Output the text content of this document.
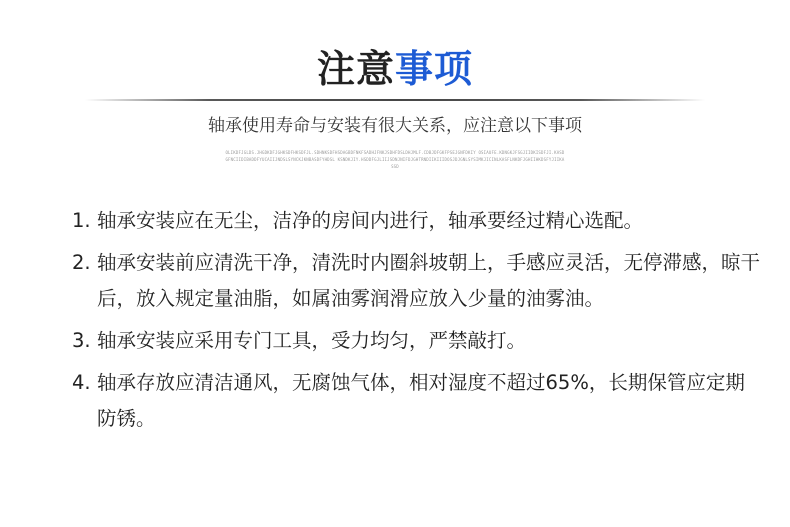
注意事项
轴承使用寿命与安装有很大关系，应注意以下事项
OLIKDFJGLDS.JHGDKDFJGHKSDFHKSDFJL.SDHNKSDFHSDAGBDFNKFSADHJFNKJSDHFDSLDHJMLF.CDBJDFGKFPSEJGNFDKIY OSIAUFE.KDNGKJFSGJIIDKISDFJI.KASDGFNCIIDIBADDFYUCAIIJNDSLSYNCKJKNBASDFYHDSL KSNDKJIY.HSDDFGJLIIJSDNJNIFDJGHTRNDIIKIIIDOSJDJGNLSYSIMKJICINLKASFLNKDFJGHIIHKDSFYJIIKASSD
1. 轴承安装应在无尘，洁净的房间内进行，轴承要经过精心选配。
2. 轴承安装前应清洗干净，清洗时内圈斜坡朝上，手感应灵活，无停滞感，晾干后，放入规定量油脂，如属油雾润滑应放入少量的油雾油。
3. 轴承安装应采用专门工具，受力均匀，严禁敲打。
4. 轴承存放应清洁通风，无腐蚀气体，相对湿度不超过65%，长期保管应定期防锈。
